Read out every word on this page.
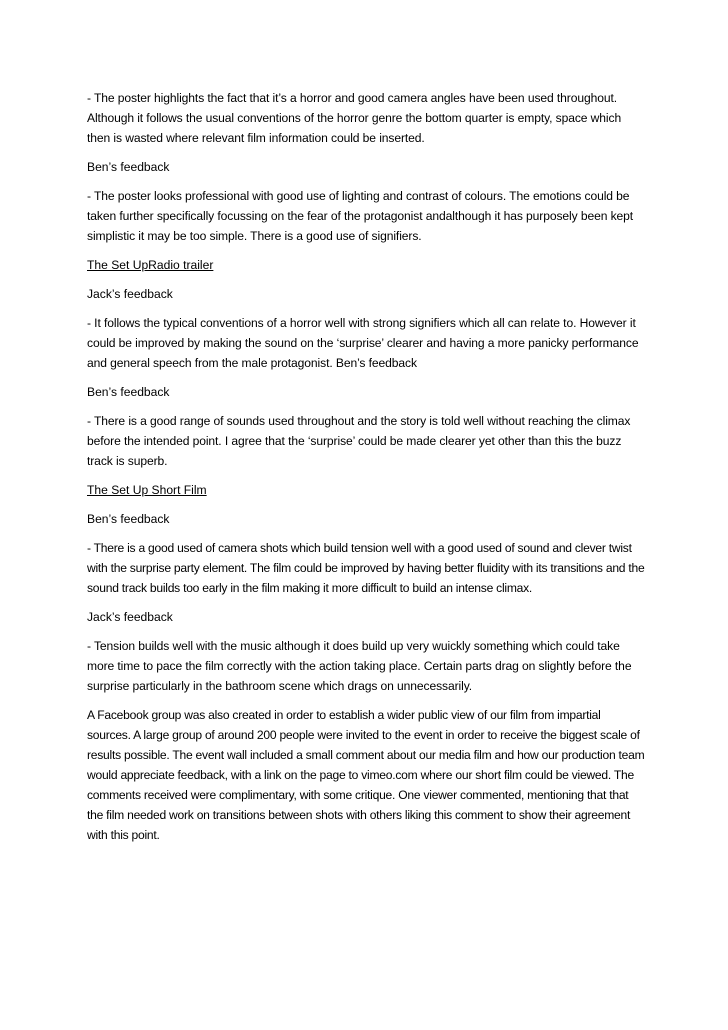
- The poster highlights the fact that it’s a horror and good camera angles have been used throughout. Although it follows the usual conventions of the horror genre the bottom quarter is empty, space which then is wasted where relevant film information could be inserted.

Ben’s feedback

- The poster looks professional with good use of lighting and contrast of colours. The emotions could be taken further specifically focussing on the fear of the protagonist andalthough it has purposely been kept simplistic it may be too simple. There is a good use of signifiers.

The Set UpRadio trailer

Jack’s feedback

- It follows the typical conventions of a horror well with strong signifiers which all can relate to. However it could be improved by making the sound on the ‘surprise’ clearer and having a more panicky performance and general speech from the male protagonist. Ben’s feedback

Ben’s feedback

- There is a good range of sounds used throughout and the story is told well without reaching the climax before the intended point. I agree that the ‘surprise’ could be made clearer yet other than this the buzz track is superb.

The Set Up Short Film

Ben’s feedback

- There is a good used of camera shots which build tension well with a good used of sound and clever twist with the surprise party element. The film could be improved by having better fluidity with its transitions and the sound track builds too early in the film making it more difficult to build an intense climax.

Jack’s feedback

- Tension builds well with the music although it does build up very wuickly something which could take more time to pace the film correctly with the action taking place. Certain parts drag on slightly before the surprise particularly in the bathroom scene which drags on unnecessarily.

A Facebook group was also created in order to establish a wider public view of our film from impartial sources. A large group of around 200 people were invited to the event in order to receive the biggest scale of results possible. The event wall included a small comment about our media film and how our production team would appreciate feedback, with a link on the page to vimeo.com where our short film could be viewed. The comments received were complimentary, with some critique. One viewer commented, mentioning that that the film needed work on transitions between shots with others liking this comment to show their agreement with this point.
